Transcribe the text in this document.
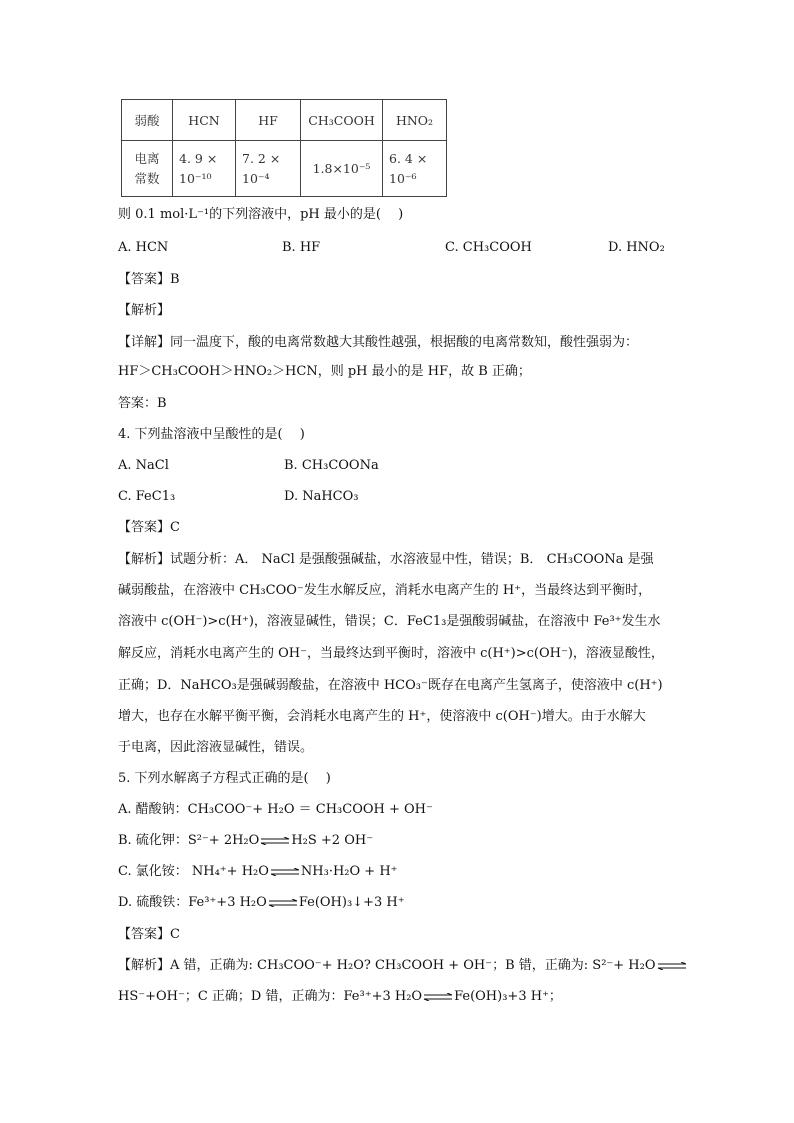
弱酸	HCN	HF	CH₃COOH	HNO₂

电离常数	4. 9 × 10⁻¹⁰	7. 2 × 10⁻⁴	1.8×10⁻⁵	6. 4 × 10⁻⁶
则 0.1 mol·L⁻¹的下列溶液中，pH 最小的是(　 )
A. HCN	B. HF	C. CH₃COOH	D. HNO₂
【答案】B
【解析】
【详解】同一温度下，酸的电离常数越大其酸性越强，根据酸的电离常数知，酸性强弱为：
HF＞CH₃COOH＞HNO₂＞HCN，则 pH 最小的是 HF，故 B 正确；
答案：B
4. 下列盐溶液中呈酸性的是(　 )
A. NaCl	B. CH₃COONa
C. FeC1₃	D. NaHCO₃
【答案】C
【解析】试题分析：A． NaCl 是强酸强碱盐，水溶液显中性，错误；B． CH₃COONa 是强
碱弱酸盐，在溶液中 CH₃COO⁻发生水解反应，消耗水电离产生的 H⁺，当最终达到平衡时，
溶液中 c(OH⁻)>c(H⁺)，溶液显碱性，错误；C．FeC1₃是强酸弱碱盐，在溶液中 Fe³⁺发生水
解反应，消耗水电离产生的 OH⁻，当最终达到平衡时，溶液中 c(H⁺)>c(OH⁻)，溶液显酸性，
正确；D．NaHCO₃是强碱弱酸盐，在溶液中 HCO₃⁻既存在电离产生氢离子，使溶液中 c(H⁺)
增大，也存在水解平衡平衡，会消耗水电离产生的 H⁺，使溶液中 c(OH⁻)增大。由于水解大
于电离，因此溶液显碱性，错误。
5. 下列水解离子方程式正确的是(　 )
A. 醋酸钠：CH₃COO⁻+ H₂O ＝ CH₃COOH + OH⁻
B. 硫化钾：S²⁻+ 2H₂O⇌H₂S +2 OH⁻
C. 氯化铵： NH₄⁺+ H₂O⇌NH₃·H₂O + H⁺
D. 硫酸铁：Fe³⁺+3 H₂O⇌Fe(OH)₃↓+3 H⁺
【答案】C
【解析】A 错，正确为: CH₃COO⁻+ H₂O? CH₃COOH + OH⁻；B 错，正确为: S²⁻+ H₂O⇌
HS⁻+OH⁻；C 正确；D 错，正确为：Fe³⁺+3 H₂O⇌Fe(OH)₃+3 H⁺；
